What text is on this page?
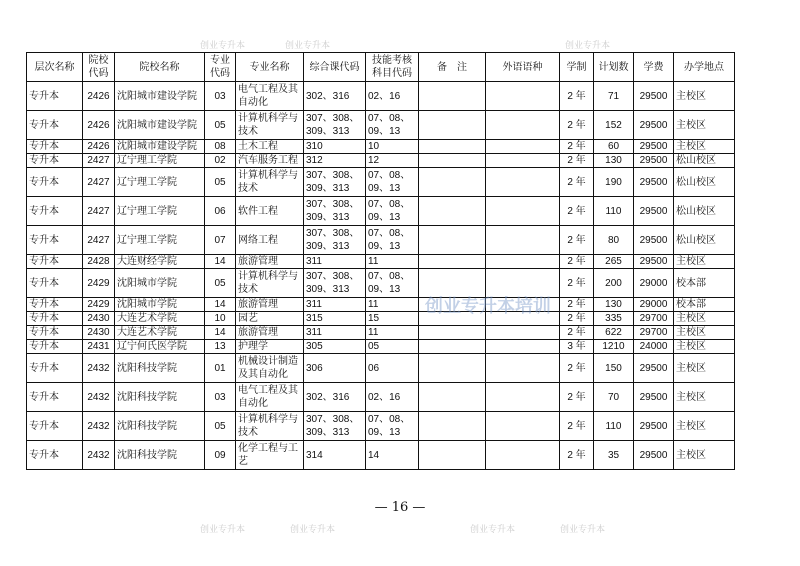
层次名称	院校代码	院校名称	专业代码	专业名称	综合课代码	技能考核科目代码	备　注	外语语种	学制	计划数	学费	办学地点
专升本	2426	沈阳城市建设学院	03	电气工程及其自动化	302、316	02、16			2 年	71	29500	主校区
专升本	2426	沈阳城市建设学院	05	计算机科学与技术	307、308、309、313	07、08、09、13			2 年	152	29500	主校区
专升本	2426	沈阳城市建设学院	08	土木工程	310	10			2 年	60	29500	主校区
专升本	2427	辽宁理工学院	02	汽车服务工程	312	12			2 年	130	29500	松山校区
专升本	2427	辽宁理工学院	05	计算机科学与技术	307、308、309、313	07、08、09、13			2 年	190	29500	松山校区
专升本	2427	辽宁理工学院	06	软件工程	307、308、309、313	07、08、09、13			2 年	110	29500	松山校区
专升本	2427	辽宁理工学院	07	网络工程	307、308、309、313	07、08、09、13			2 年	80	29500	松山校区
专升本	2428	大连财经学院	14	旅游管理	311	11			2 年	265	29500	主校区
专升本	2429	沈阳城市学院	05	计算机科学与技术	307、308、309、313	07、08、09、13			2 年	200	29000	校本部
专升本	2429	沈阳城市学院	14	旅游管理	311	11			2 年	130	29000	校本部
专升本	2430	大连艺术学院	10	园艺	315	15			2 年	335	29700	主校区
专升本	2430	大连艺术学院	14	旅游管理	311	11			2 年	622	29700	主校区
专升本	2431	辽宁何氏医学院	13	护理学	305	05			3 年	1210	24000	主校区
专升本	2432	沈阳科技学院	01	机械设计制造及其自动化	306	06			2 年	150	29500	主校区
专升本	2432	沈阳科技学院	03	电气工程及其自动化	302、316	02、16			2 年	70	29500	主校区
专升本	2432	沈阳科技学院	05	计算机科学与技术	307、308、309、313	07、08、09、13			2 年	110	29500	主校区
专升本	2432	沈阳科技学院	09	化学工程与工艺	314	14			2 年	35	29500	主校区
创业专升本培训
— 16 —
创业专升本	创业专升本	创业专升本
创业专升本	创业专升本	创业专升本	创业专升本
